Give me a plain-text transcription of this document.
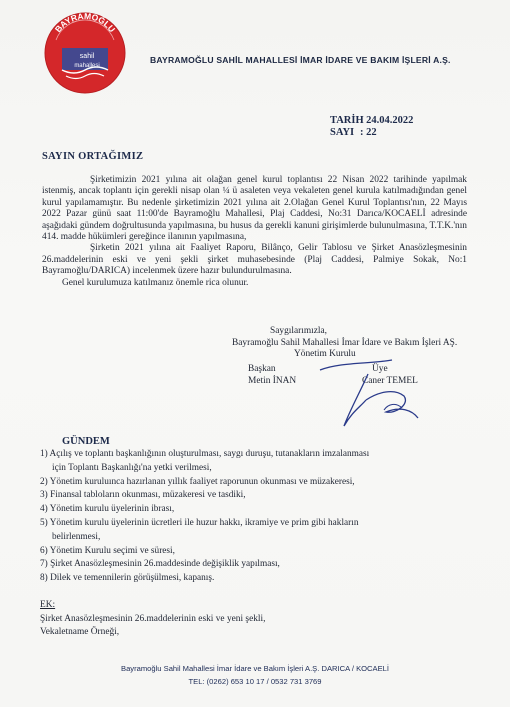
BAYRAMOĞLU
sahil
mahallesi
BAYRAMOĞLU SAHİL MAHALLESİ İMAR İDARE VE BAKIM İŞLERİ A.Ş.
TARİH
: 24.04.2022
SAYI : 22
SAYIN ORTAĞIMIZ

Şirketimizin 2021 yılına ait olağan genel kurul toplantısı 22 Nisan 2022 tarihinde yapılmak istenmiş, ancak toplantı için gerekli nisap olan ¼ ü asaleten veya vekaleten genel kurula katılmadığından genel kurul yapılamamıştır. Bu nedenle şirketimizin 2021 yılına ait 2.Olağan Genel Kurul Toplantısı'nın, 22 Mayıs 2022 Pazar günü saat 11:00'de Bayramoğlu Mahallesi, Plaj Caddesi, No:31 Darıca/KOCAELİ adresinde aşağıdaki gündem doğrultusunda yapılmasına, bu husus da gerekli kanuni girişimlerde bulunulmasına, T.T.K.'nın 414. madde hükümleri gereğince ilanının yapılmasına,

Şirketin 2021 yılına ait Faaliyet Raporu, Bilânço, Gelir Tablosu ve Şirket Anasözleşmesinin 26.maddelerinin eski ve yeni şekli şirket muhasebesinde (Plaj Caddesi, Palmiye Sokak, No:1 Bayramoğlu/DARICA) incelenmek üzere hazır bulundurulmasına.

Genel kurulumuza katılmanız önemle rica olunur.

Saygılarımızla,
Bayramoğlu Sahil Mahallesi İmar İdare ve Bakım İşleri AŞ.
Yönetim Kurulu
Başkan
Metin İNAN
Üye
Caner TEMEL
GÜNDEM
1) Açılış ve toplantı başkanlığının oluşturulması, saygı duruşu, tutanakların imzalanması
için Toplantı Başkanlığı'na yetki verilmesi,
2) Yönetim kuruluınca hazırlanan yıllık faaliyet raporunun okunması ve müzakeresi,
3) Finansal tabloların okunması, müzakeresi ve tasdiki,
4) Yönetim kurulu üyelerinin ibrası,
5) Yönetim kurulu üyelerinin ücretleri ile huzur hakkı, ikramiye ve prim gibi hakların
belirlenmesi,
6) Yönetim Kurulu seçimi ve süresi,
7) Şirket Anasözleşmesinin 26.maddesinde değişiklik yapılması,
8) Dilek ve temennilerin görüşülmesi, kapanış.
EK:
Şirket Anasözleşmesinin 26.maddelerinin eski ve yeni şekli,
Vekaletname Örneği,
Bayramoğlu Sahil Mahallesi İmar İdare ve Bakım İşleri A.Ş. DARICA / KOCAELİ
TEL: (0262) 653 10 17 / 0532 731 3769
